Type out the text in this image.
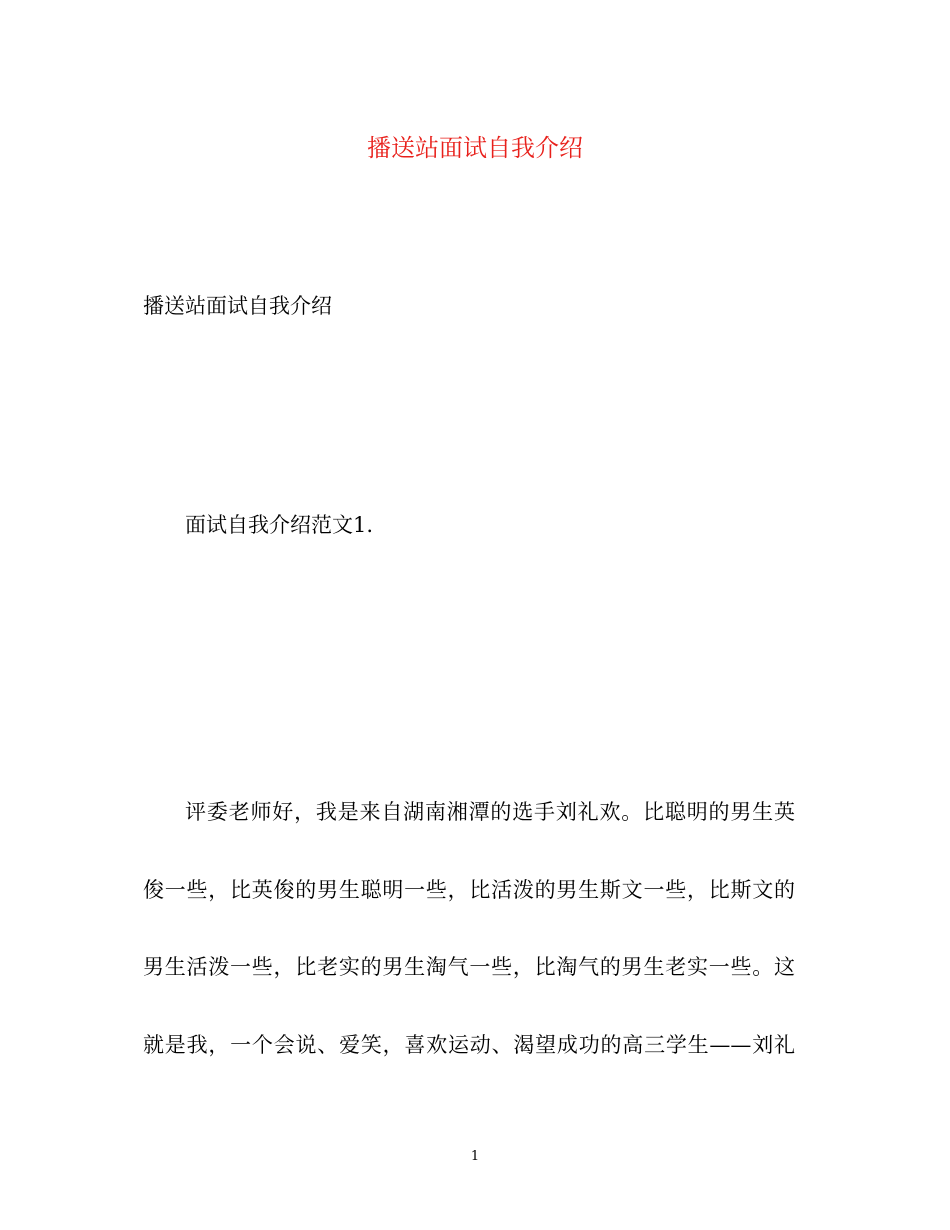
播送站面试自我介绍

播送站面试自我介绍

面试自我介绍范文1.

评委老师好，我是来自湖南湘潭的选手刘礼欢。比聪明的男生英
俊一些，比英俊的男生聪明一些，比活泼的男生斯文一些，比斯文的
男生活泼一些，比老实的男生淘气一些，比淘气的男生老实一些。这
就是我，一个会说、爱笑，喜欢运动、渴望成功的高三学生——刘礼
1
